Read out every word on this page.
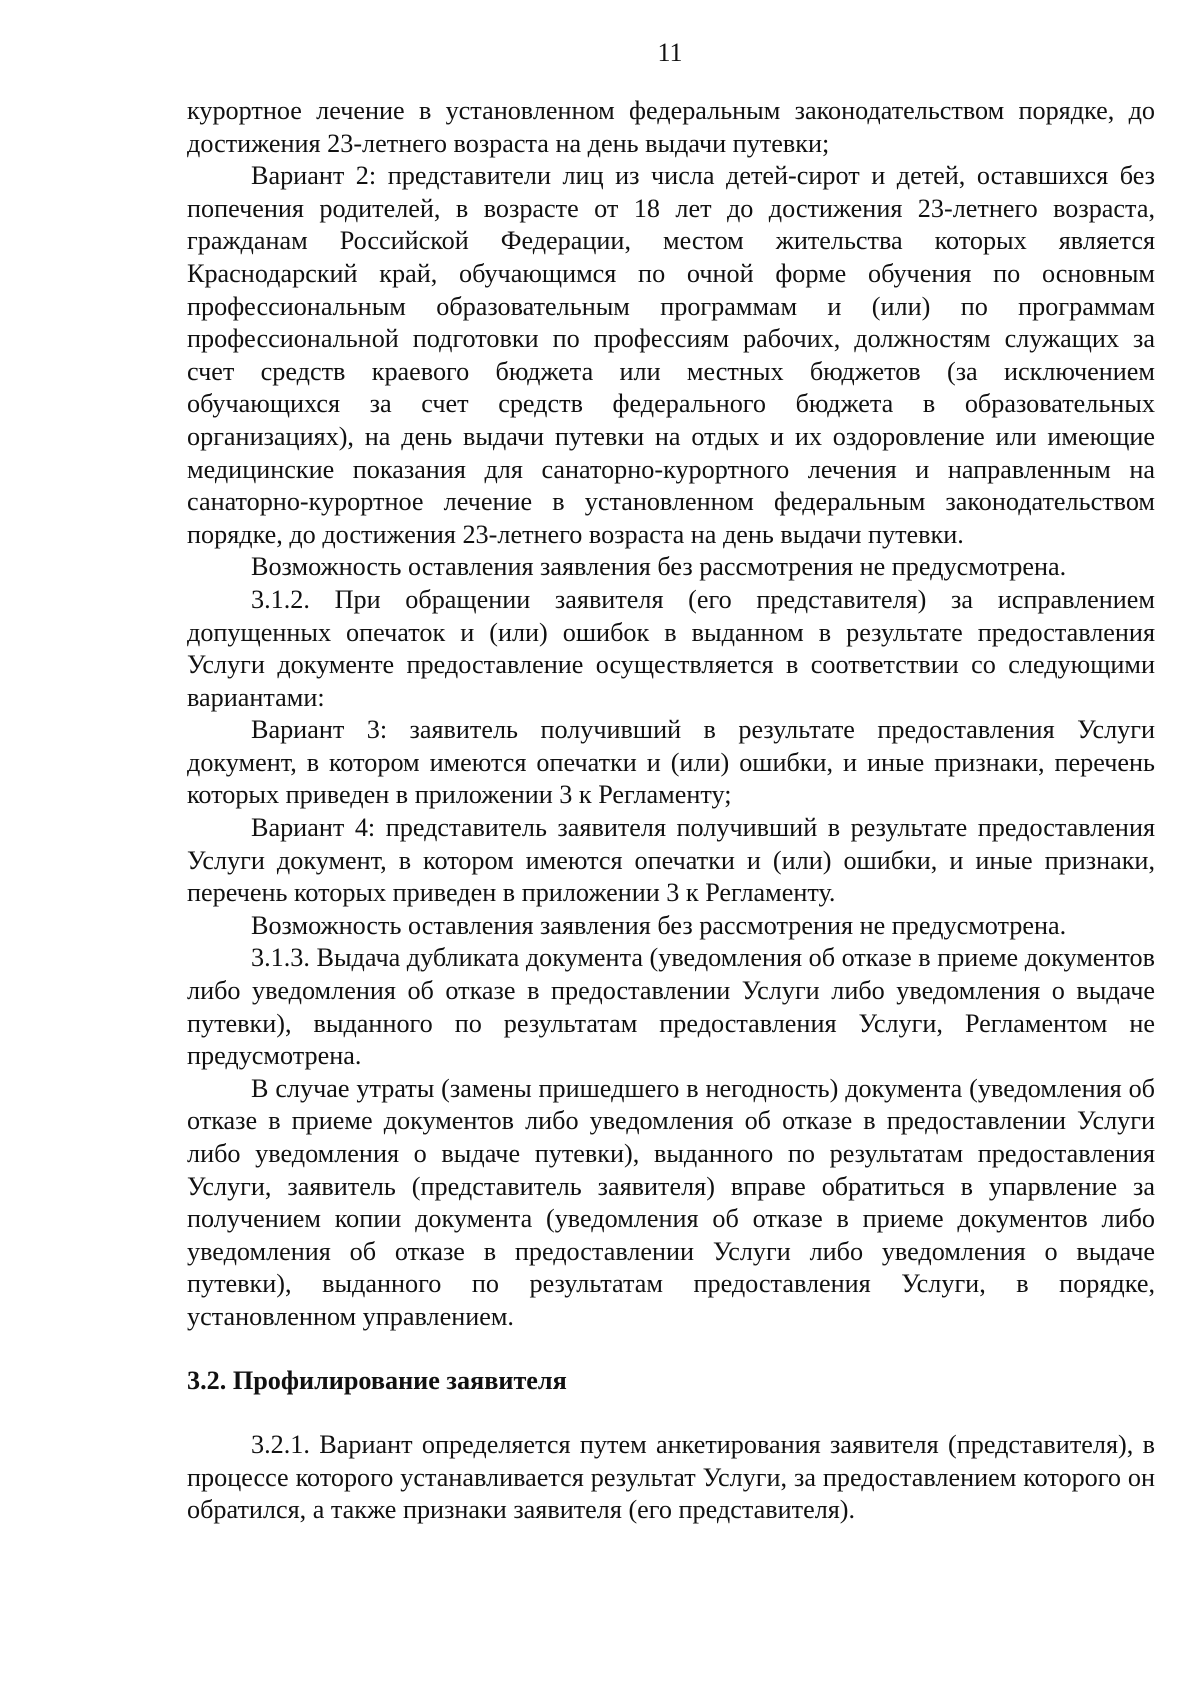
11

курортное лечение в установленном федеральным законодательством порядке, до достижения 23-летнего возраста на день выдачи путевки;

Вариант 2: представители лиц из числа детей-сирот и детей, оставшихся без попечения родителей, в возрасте от 18 лет до достижения 23-летнего возраста, гражданам Российской Федерации, местом жительства которых является Краснодарский край, обучающимся по очной форме обучения по основным профессиональным образовательным программам и (или) по программам профессиональной подготовки по профессиям рабочих, должностям служащих за счет средств краевого бюджета или местных бюджетов (за исключением обучающихся за счет средств федерального бюджета в образовательных организациях), на день выдачи путевки на отдых и их оздоровление или имеющие медицинские показания для санаторно-курортного лечения и направленным на санаторно-курортное лечение в установленном федеральным законодательством порядке, до достижения 23-летнего возраста на день выдачи путевки.

Возможность оставления заявления без рассмотрения не предусмотрена.

3.1.2. При обращении заявителя (его представителя) за исправлением допущенных опечаток и (или) ошибок в выданном в результате предоставления Услуги документе предоставление осуществляется в соответствии со следующими вариантами:

Вариант 3: заявитель получивший в результате предоставления Услуги документ, в котором имеются опечатки и (или) ошибки, и иные признаки, перечень которых приведен в приложении 3 к Регламенту;

Вариант 4: представитель заявителя получивший в результате предоставления Услуги документ, в котором имеются опечатки и (или) ошибки, и иные признаки, перечень которых приведен в приложении 3 к Регламенту.

Возможность оставления заявления без рассмотрения не предусмотрена.

3.1.3. Выдача дубликата документа (уведомления об отказе в приеме документов либо уведомления об отказе в предоставлении Услуги либо уведомления о выдаче путевки), выданного по результатам предоставления Услуги, Регламентом не предусмотрена.

В случае утраты (замены пришедшего в негодность) документа (уведомления об отказе в приеме документов либо уведомления об отказе в предоставлении Услуги либо уведомления о выдаче путевки), выданного по результатам предоставления Услуги, заявитель (представитель заявителя) вправе обратиться в упарвление за получением копии документа (уведомления об отказе в приеме документов либо уведомления об отказе в предоставлении Услуги либо уведомления о выдаче путевки), выданного по результатам предоставления Услуги, в порядке, установленном управлением.

3.2. Профилирование заявителя

3.2.1. Вариант определяется путем анкетирования заявителя (представителя), в процессе которого устанавливается результат Услуги, за предоставлением которого он обратился, а также признаки заявителя (его представителя).
